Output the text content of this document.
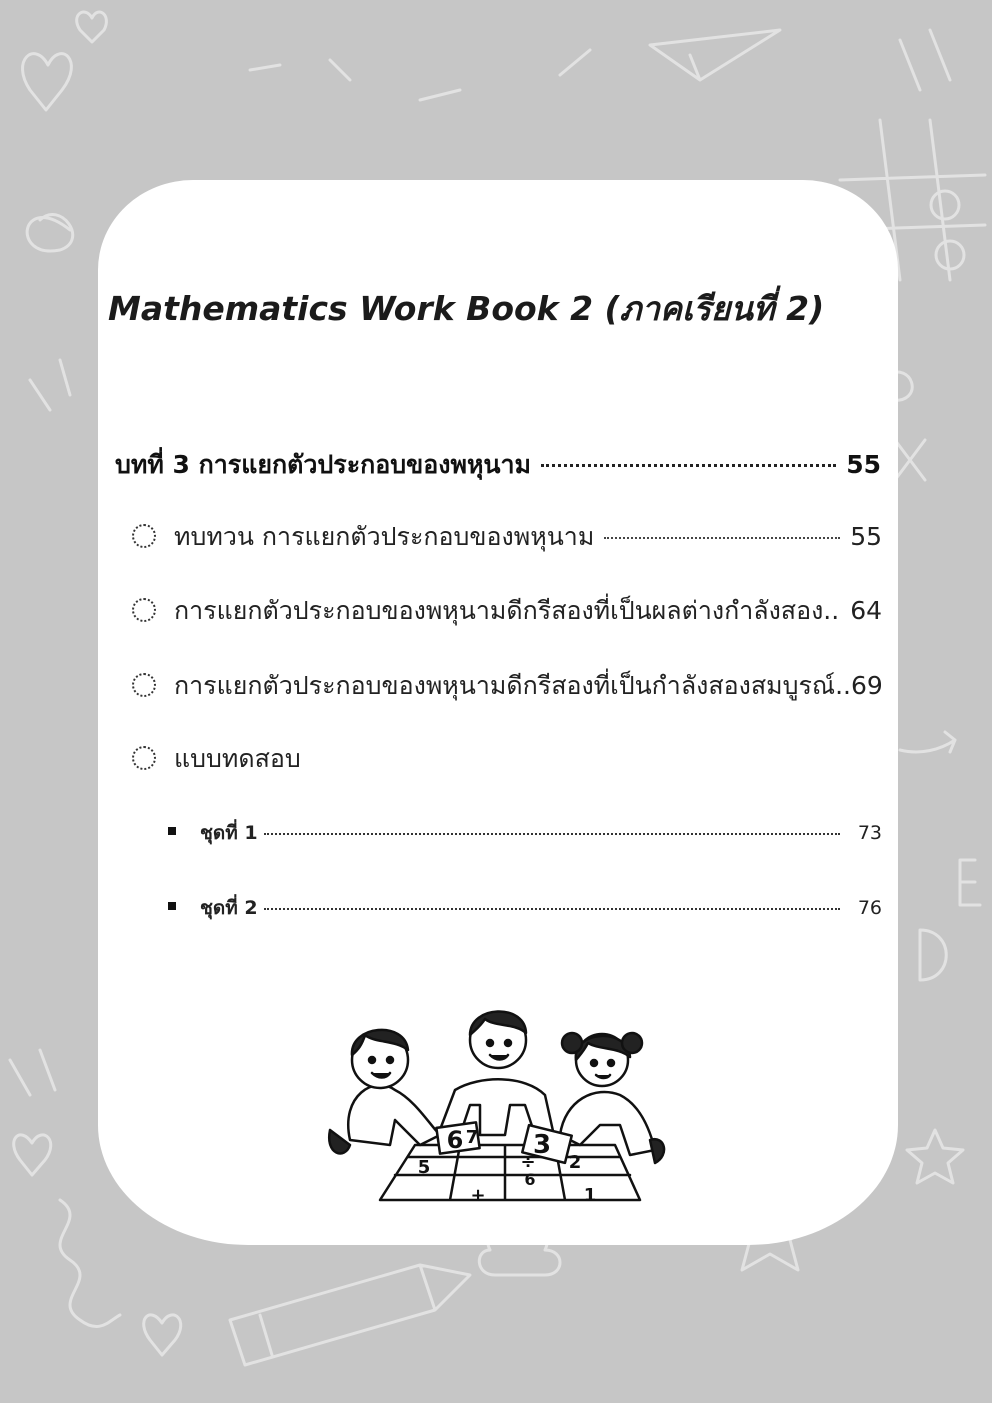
Mathematics Work Book 2 (ภาคเรียนที่ 2)
บทที่ 3 การแยกตัวประกอบของพหุนาม	55
ทบทวน การแยกตัวประกอบของพหุนาม	55
การแยกตัวประกอบของพหุนามดีกรีสองที่เป็นผลต่างกำลังสอง.. 64
การแยกตัวประกอบของพหุนามดีกรีสองที่เป็นกำลังสองสมบูรณ์.. 69
แบบทดสอบ
ชุดที่ 1	73
ชุดที่ 2	76
6 7 3
5	÷ 2
6
+	1
